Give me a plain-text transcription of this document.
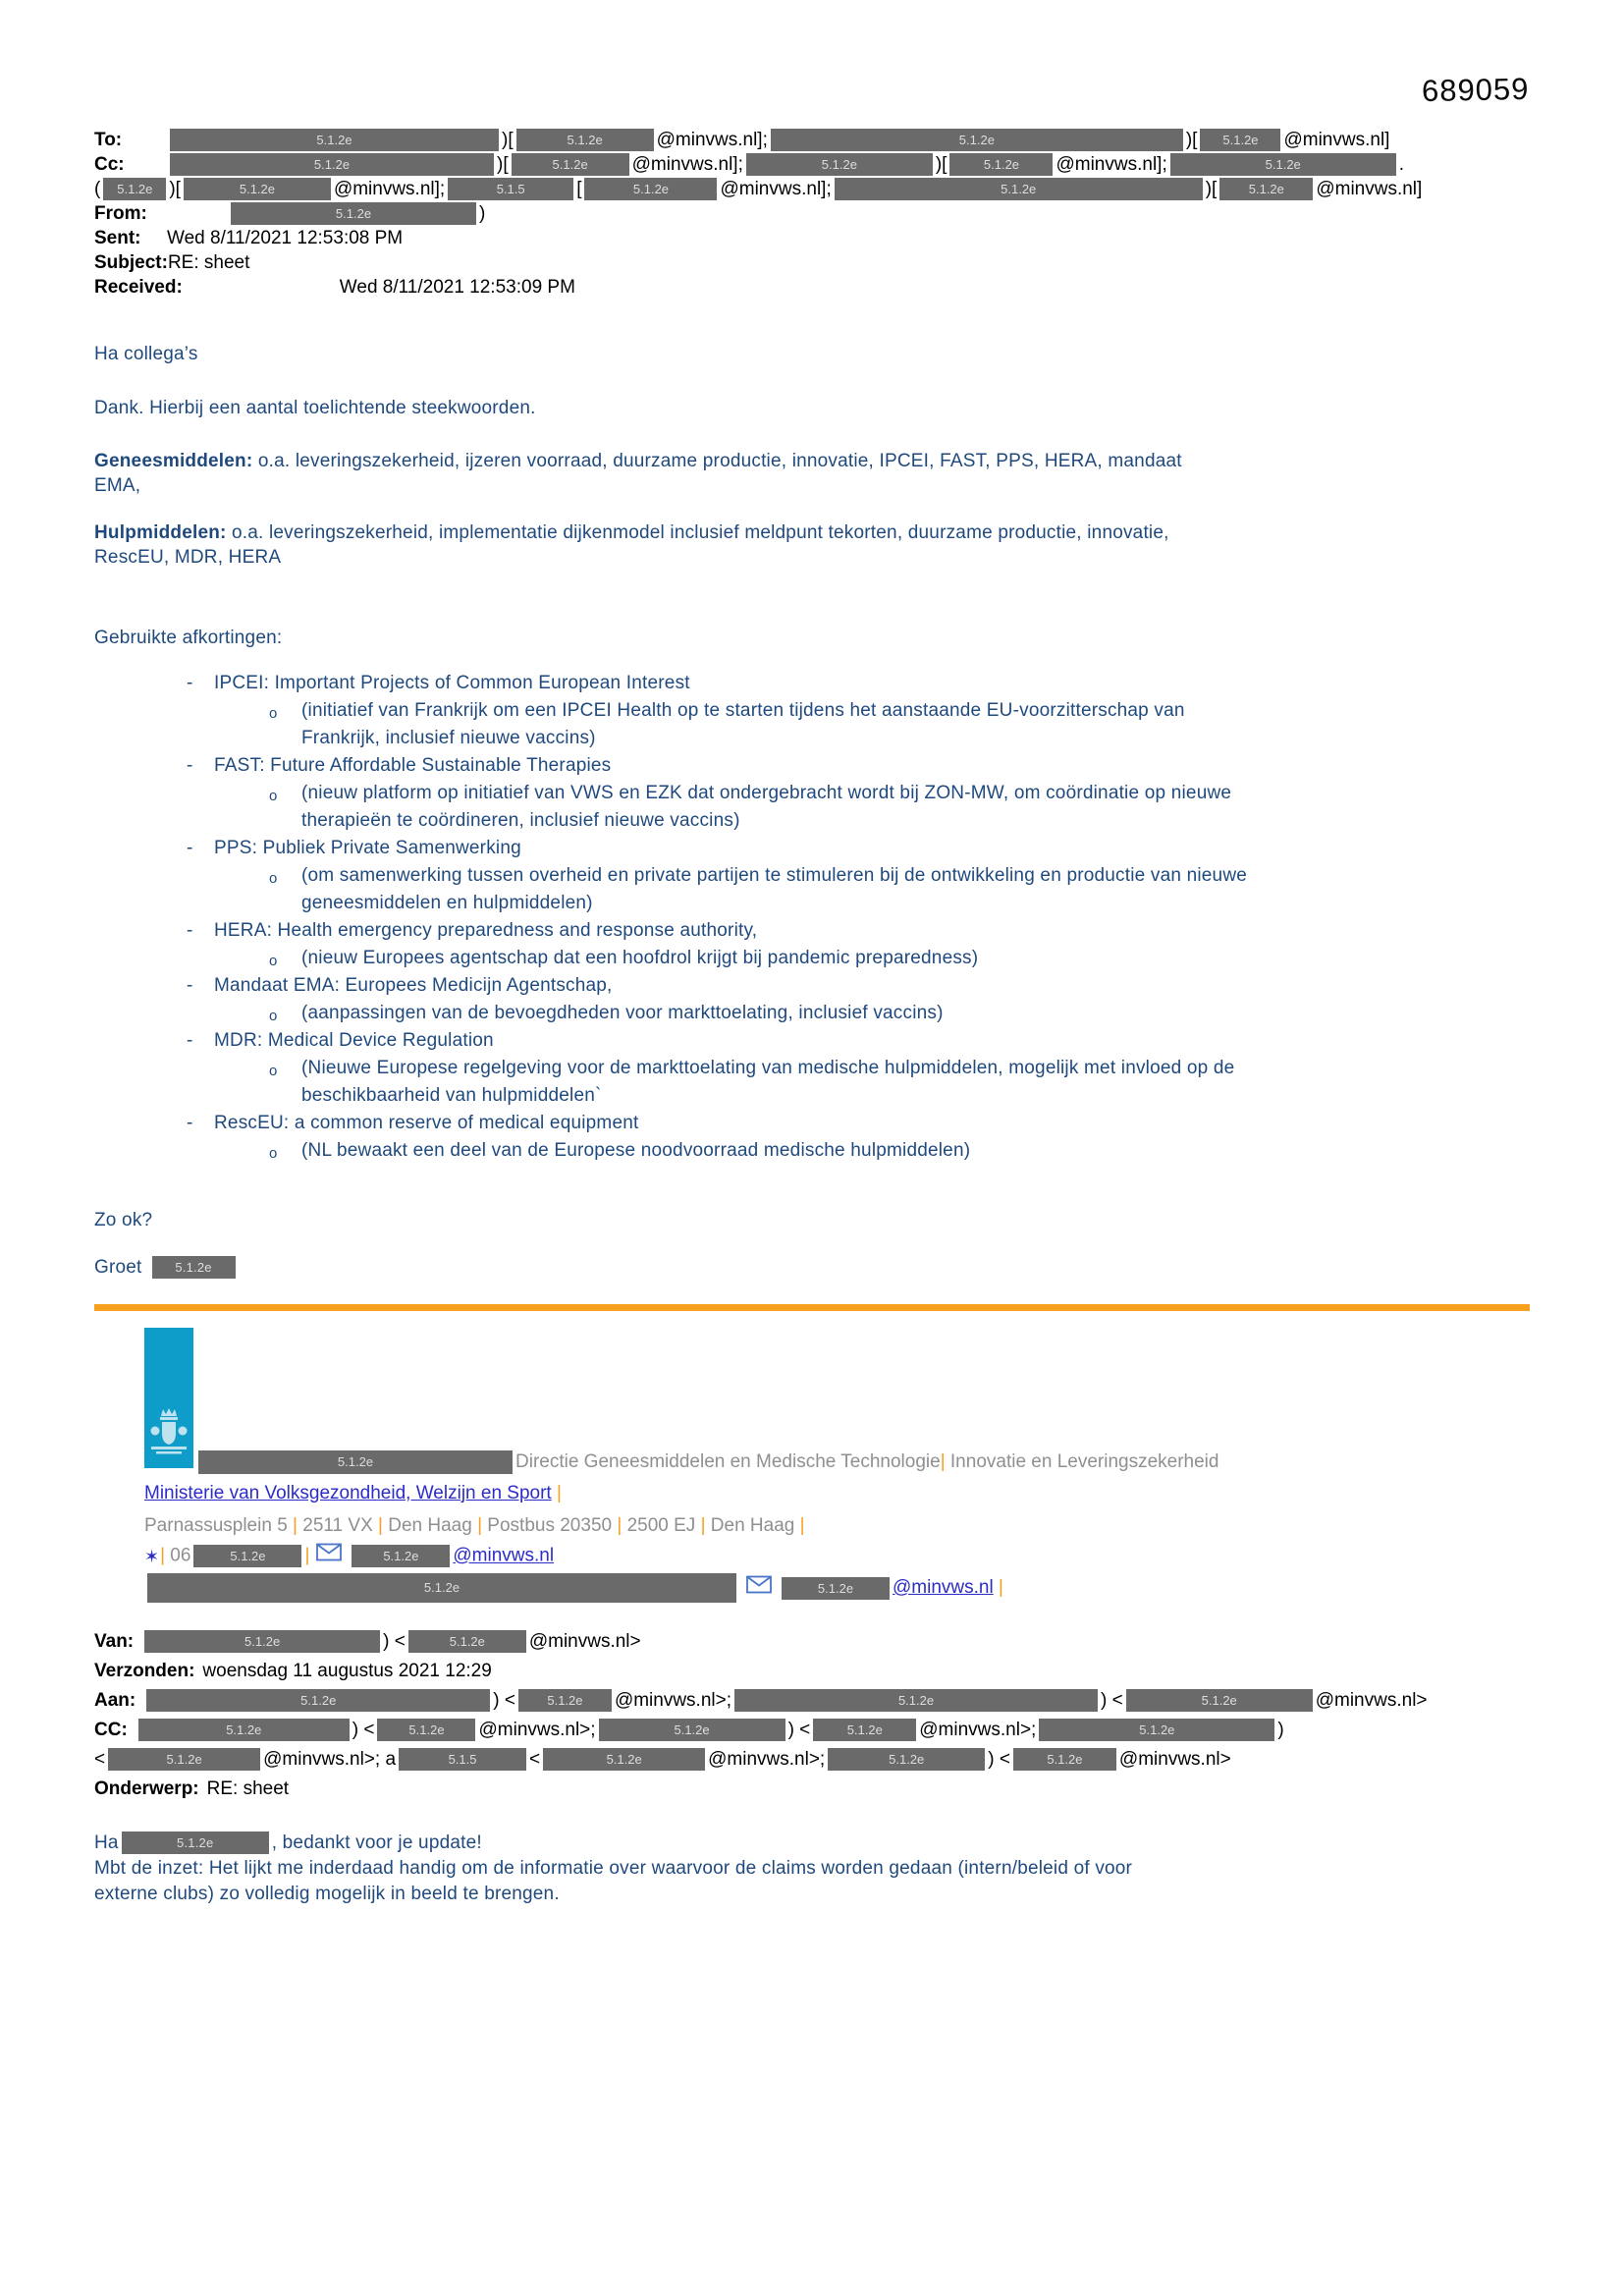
689059
To:	5.1.2e	)[	5.1.2e	@minvws.nl];	5.1.2e	)[ 5.1.2e @minvws.nl]
Cc:	5.1.2e	)[	5.1.2e @minvws.nl];	5.1.2e	)[	5.1.2e @minvws.nl];	5.1.2e	.
( 5.1.2e )[	5.1.2e	@minvws.nl];	5.1.5	[	5.1.2e	@minvws.nl];	5.1.2e	)[ 5.1.2e @minvws.nl]
From:	5.1.2e	)
Sent: Wed 8/11/2021 12:53:08 PM
Subject:RE: sheet
Received:	Wed 8/11/2021 12:53:09 PM

Ha collega’s

Dank. Hierbij een aantal toelichtende steekwoorden.

Geneesmiddelen: o.a. leveringszekerheid, ijzeren voorraad, duurzame productie, innovatie, IPCEI, FAST, PPS, HERA, mandaat

EMA,

Hulpmiddelen: o.a. leveringszekerheid, implementatie dijkenmodel inclusief meldpunt tekorten, duurzame productie, innovatie,

RescEU, MDR, HERA

Gebruikte afkortingen:

- IPCEI: Important Projects of Common European Interest
o (initiatief van Frankrijk om een IPCEI Health op te starten tijdens het aanstaande EU-voorzitterschap van
Frankrijk, inclusief nieuwe vaccins)
- FAST: Future Affordable Sustainable Therapies
o (nieuw platform op initiatief van VWS en EZK dat ondergebracht wordt bij ZON-MW, om coördinatie op nieuwe
therapieën te coördineren, inclusief nieuwe vaccins)
- PPS: Publiek Private Samenwerking
o (om samenwerking tussen overheid en private partijen te stimuleren bij de ontwikkeling en productie van nieuwe
geneesmiddelen en hulpmiddelen)
- HERA: Health emergency preparedness and response authority,
o (nieuw Europees agentschap dat een hoofdrol krijgt bij pandemic preparedness)
- Mandaat EMA: Europees Medicijn Agentschap,
o (aanpassingen van de bevoegdheden voor markttoelating, inclusief vaccins)
- MDR: Medical Device Regulation
o (Nieuwe Europese regelgeving voor de markttoelating van medische hulpmiddelen, mogelijk met invloed op de
beschikbaarheid van hulpmiddelen`
- RescEU: a common reserve of medical equipment
o (NL bewaakt een deel van de Europese noodvoorraad medische hulpmiddelen)

Zo ok?

Groet	5.1.2e

5.1.2e	Directie Geneesmiddelen en Medische Technologie| Innovatie en Leveringszekerheid
Ministerie van Volksgezondheid, Welzijn en Sport |
Parnassusplein 5 | 2511 VX | Den Haag | Postbus 20350 | 2500 EJ | Den Haag |
✶| 06	5.1.2e |	5.1.2e @minvws.nl
5.1.2e	5.1.2e @minvws.nl |
Van:	5.1.2e	) <	5.1.2e @minvws.nl>
Verzonden: woensdag 11 augustus 2021 12:29
Aan:	5.1.2e	) < 5.1.2e @minvws.nl>;	5.1.2e	) <	5.1.2e	@minvws.nl>
CC:	5.1.2e	) <	5.1.2e @minvws.nl>;	5.1.2e	) <	5.1.2e @minvws.nl>;	5.1.2e	)
<	5.1.2e	@minvws.nl>; a	5.1.5	<	5.1.2e	@minvws.nl>;	5.1.2e	) <	5.1.2e @minvws.nl>
Onderwerp: RE: sheet
Ha	5.1.2e	, bedankt voor je update!

Mbt de inzet: Het lijkt me inderdaad handig om de informatie over waarvoor de claims worden gedaan (intern/beleid of voor

externe clubs) zo volledig mogelijk in beeld te brengen.
